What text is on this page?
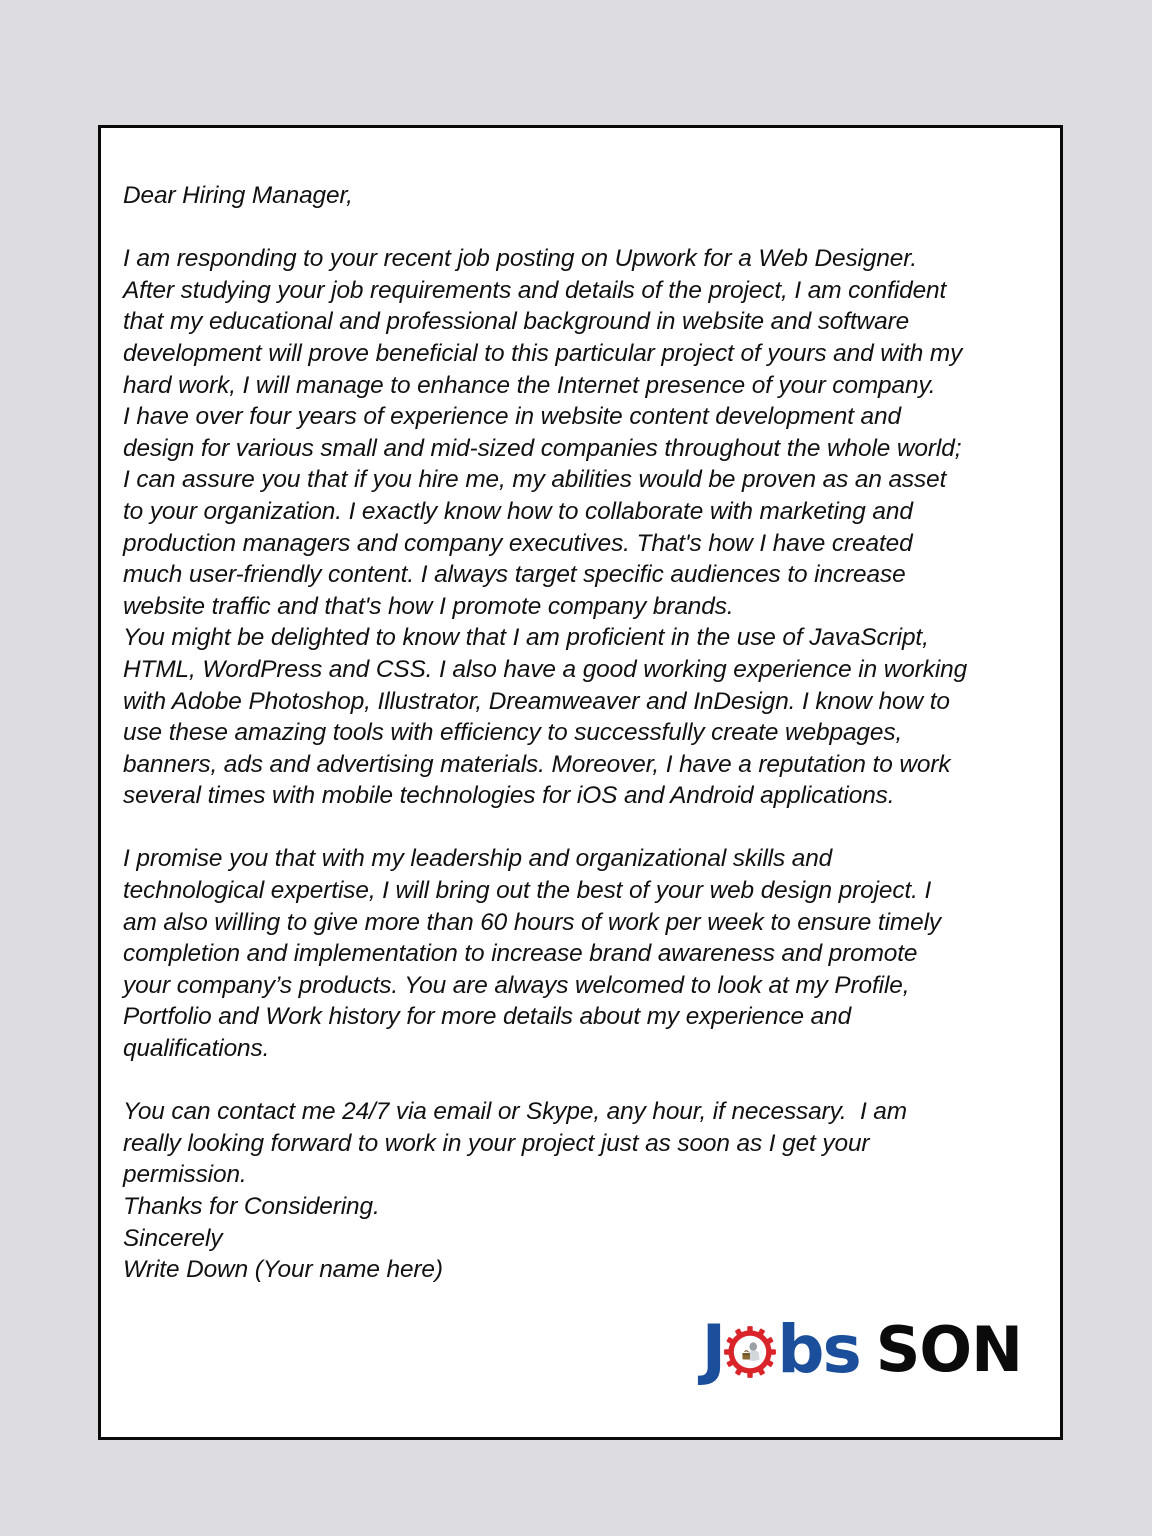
Dear Hiring Manager,
I am responding to your recent job posting on Upwork for a Web Designer.
After studying your job requirements and details of the project, I am confident
that my educational and professional background in website and software
development will prove beneficial to this particular project of yours and with my
hard work, I will manage to enhance the Internet presence of your company.
I have over four years of experience in website content development and
design for various small and mid-sized companies throughout the whole world;
I can assure you that if you hire me, my abilities would be proven as an asset
to your organization. I exactly know how to collaborate with marketing and
production managers and company executives. That's how I have created
much user-friendly content. I always target specific audiences to increase
website traffic and that's how I promote company brands.
You might be delighted to know that I am proficient in the use of JavaScript,
HTML, WordPress and CSS. I also have a good working experience in working
with Adobe Photoshop, Illustrator, Dreamweaver and InDesign. I know how to
use these amazing tools with efficiency to successfully create webpages,
banners, ads and advertising materials. Moreover, I have a reputation to work
several times with mobile technologies for iOS and Android applications.
I promise you that with my leadership and organizational skills and
technological expertise, I will bring out the best of your web design project. I
am also willing to give more than 60 hours of work per week to ensure timely
completion and implementation to increase brand awareness and promote
your company’s products. You are always welcomed to look at my Profile,
Portfolio and Work history for more details about my experience and
qualifications.
You can contact me 24/7 via email or Skype, any hour, if necessary.  I am
really looking forward to work in your project just as soon as I get your
permission.
Thanks for Considering.
Sincerely
Write Down (Your name here)
J bs SON
